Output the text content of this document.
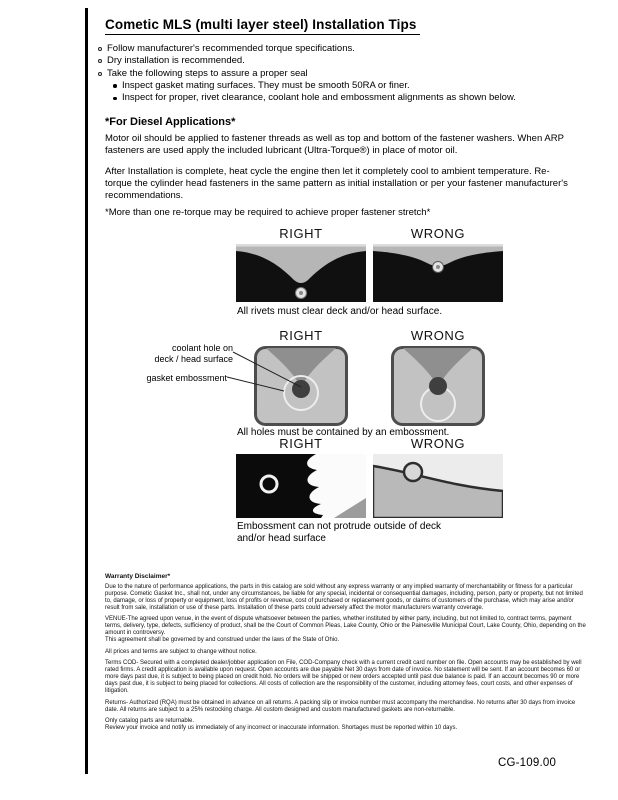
Cometic MLS (multi layer steel) Installation Tips
Follow manufacturer's recommended torque specifications.
Dry installation is recommended.
Take the following steps to assure a proper seal
Inspect gasket mating surfaces. They must be smooth 50RA or finer.
Inspect for proper, rivet clearance, coolant hole and embossment alignments as shown below.
*For Diesel Applications*
Motor oil should be applied to fastener threads as well as top and bottom of the fastener washers. When ARP fasteners are used apply the included lubricant (Ultra-Torque®) in place of motor oil.
After Installation is complete, heat cycle the engine then let it completely cool to ambient temperature. Re-torque the cylinder head fasteners in the same pattern as initial installation or per your fastener manufacturer's recommendations.
*More than one re-torque may be required to achieve proper fastener stretch*
RIGHT	WRONG
All rivets must clear deck and/or head surface.
RIGHT	WRONG
coolant hole on
deck / head surface
gasket embossment
All holes must be contained by an embossment.
RIGHT	WRONG
Embossment can not protrude outside of deck
and/or head surface
Warranty Disclaimer*
Due to the nature of performance applications, the parts in this catalog are sold without any express warranty or any implied warranty of merchantability or fitness for a particular purpose. Cometic Gasket Inc., shall not, under any circumstances, be liable for any special, incidental or consequential damages, including, person, party or property, but not limited to, damage, or loss of property or equipment, loss of profits or revenue, cost of purchased or replacement goods, or claims of customers of the purchase, which may arise and/or result from sale, installation or use of these parts. Installation of these parts could adversely affect the motor manufacturers warranty coverage.
VENUE-The agreed upon venue, in the event of dispute whatsoever between the parties, whether instituted by either party, including, but not limited to, contract terms, payment terms, delivery, type, defects, sufficiency of product, shall be the Court of Common Pleas, Lake County, Ohio or the Painesville Municipal Court, Lake County, Ohio, depending on the amount in controversy.
This agreement shall be governed by and construed under the laws of the State of Ohio.
All prices and terms are subject to change without notice.
Terms COD- Secured with a completed dealer/jobber application on File, COD-Company check with a current credit card number on file. Open accounts may be established by well rated firms. A credit application is available upon request. Open accounts are due payable Net 30 days from date of invoice. No statement will be sent. If an account becomes 60 or more days past due, it is subject to being placed on credit hold. No orders will be shipped or new orders accepted until past due balance is paid. If an account becomes 90 or more days past due, it is subject to being placed for collections. All costs of collection are the responsibility of the customer, including attorney fees, court costs, and other expenses of litigation.
Returns- Authorized (RQA) must be obtained in advance on all returns. A packing slip or invoice number must accompany the merchandise. No returns after 30 days from invoice date. All returns are subject to a 25% restocking charge. All custom designed and custom manufactured gaskets are non-returnable.
Only catalog parts are returnable.
Review your invoice and notify us immediately of any incorrect or inaccurate information. Shortages must be reported within 10 days.
CG-109.00
